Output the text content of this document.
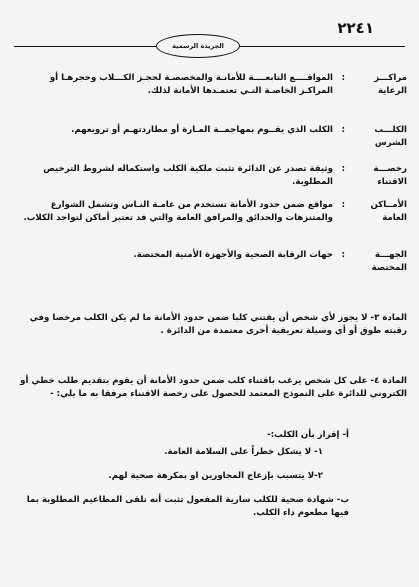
٢٢٤١
الجريدة الرسمية
مراكـــز الرعاية
:
المواقــــع التابعــــة للأمانـة والمخصصـة لحجـز الكـــلاب وحجرهـا أو المراكـز الخاصـة التـي تعتمـدها الأمانة لذلك.
الكلـــب الشرس
:
الكلب الذي يقــوم بمهاجمــة المـارة أو مطاردتهـم أو ترويعهم.
رخصـــة الاقتناء
:
وثيقة تصدر عن الدائرة تثبت ملكية الكلب واستكماله لشروط الترخيص المطلوبة.
الأمــاكن العامة
:
مواقع ضمن حدود الأمانة تستخدم من عامـة النـاس وتشمل الشوارع والمتنزهات والحدائق والمرافق العامة والتي قد تعتبر أماكن لتواجد الكلاب.
الجهـــة المختصة
:
جهات الرقابة الصحية والأجهزة الأمنية المختصة.
المادة ٣- لا يجوز لأي شخص أن يقتني كلبا ضمن حدود الأمانة ما لم يكن الكلب مرخصا وفي رقبته طوق أو أي وسيلة تعريفية أخرى معتمدة من الدائرة .
المادة ٤- على كل شخص يرغب باقتناء كلب ضمن حدود الأمانة أن يقوم بتقديم طلب خطي أو الكتروني للدائرة على النموذج المعتمد للحصول على رخصة الاقتناء مرفقا به ما يلي: -
أ- إقرار بأن الكلب:-
١- لا يشكل خطراً على السلامة العامة.
٢-لا يتسبب بإزعاج المجاورين او بمكرهة صحية لهم.
ب- شهادة صحية للكلب سارية المفعول تثبت أنه تلقى المطاعيم المطلوبة بما فيها مطعوم داء الكلب.
